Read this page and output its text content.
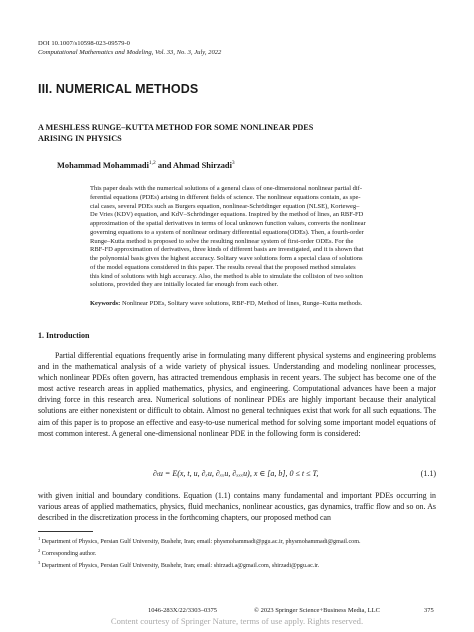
DOI 10.1007/s10598-023-09579-0
Computational Mathematics and Modeling, Vol. 33, No. 3, July, 2022
III. NUMERICAL METHODS
A MESHLESS RUNGE–KUTTA METHOD FOR SOME NONLINEAR PDES
ARISING IN PHYSICS
Mohammad Mohammadi$^{1,2}$ and Ahmad Shirzadi$^3$
This paper deals with the numerical solutions of a general class of one-dimensional nonlinear partial dif-
ferential equations (PDEs) arising in different fields of science. The nonlinear equations contain, as spe-
cial cases, several PDEs such as Burgers equation, nonlinear-Schrödinger equation (NLSE), Korteweg–
De Vries (KDV) equation, and KdV–Schrödinger equations. Inspired by the method of lines, an RBF-FD
approximation of the spatial derivatives in terms of local unknown function values, converts the nonlinear
governing equations to a system of nonlinear ordinary differential equations(ODEs). Then, a fourth-order
Runge–Kutta method is proposed to solve the resulting nonlinear system of first-order ODEs. For the
RBF-FD approximation of derivatives, three kinds of different basis are investigated, and it is shown that
the polynomial basis gives the highest accuracy. Solitary wave solutions form a special class of solutions
of the model equations considered in this paper. The results reveal that the proposed method simulates
this kind of solutions with high accuracy. Also, the method is able to simulate the collision of two soliton
solutions, provided they are initially located far enough from each other.
Keywords: Nonlinear PDEs, Solitary wave solutions, RBF-FD, Method of lines, Runge–Kutta methods.
1. Introduction

Partial differential equations frequently arise in formulating many different physical systems and engineering problems and in the mathematical analysis of a wide variety of physical issues. Understanding and modeling nonlinear processes, which nonlinear PDEs often govern, has attracted tremendous emphasis in recent years. The subject has become one of the most active research areas in applied mathematics, physics, and engineering. Computational advances have been a major driving force in this research area. Numerical solutions of nonlinear PDEs are highly important because their analytical solutions are either nonexistent or difficult to obtain. Almost no general techniques exist that work for all such equations. The aim of this paper is to propose an effective and easy-to-use numerical method for solving some important model equations of most common interest. A general one-dimensional nonlinear PDE in the following form is considered:

∂ₜu = E(x, t, u, ∂ₓu, ∂ₓₓu, ∂ₓₓₓu), x ∈ [a, b], 0 ≤ t ≤ T,	(1.1)
with given initial and boundary conditions. Equation (1.1) contains many fundamental and important PDEs occurring in various areas of applied mathematics, physics, fluid mechanics, nonlinear acoustics, gas dynamics, traffic flow and so on. As described in the discretization process in the forthcoming chapters, our proposed method can
$^1$ Department of Physics, Persian Gulf University, Bushehr, Iran; email: physmohammadi@pgu.ac.ir, physmohammadi@gmail.com.
$^2$ Corresponding author.
$^3$ Department of Physics, Persian Gulf University, Bushehr, Iran; email: shirzadi.a@gmail.com, shirzadi@pgu.ac.ir.
1046-283X/22/3303–0375	© 2023 Springer Science+Business Media, LLC	375
Content courtesy of Springer Nature, terms of use apply. Rights reserved.
